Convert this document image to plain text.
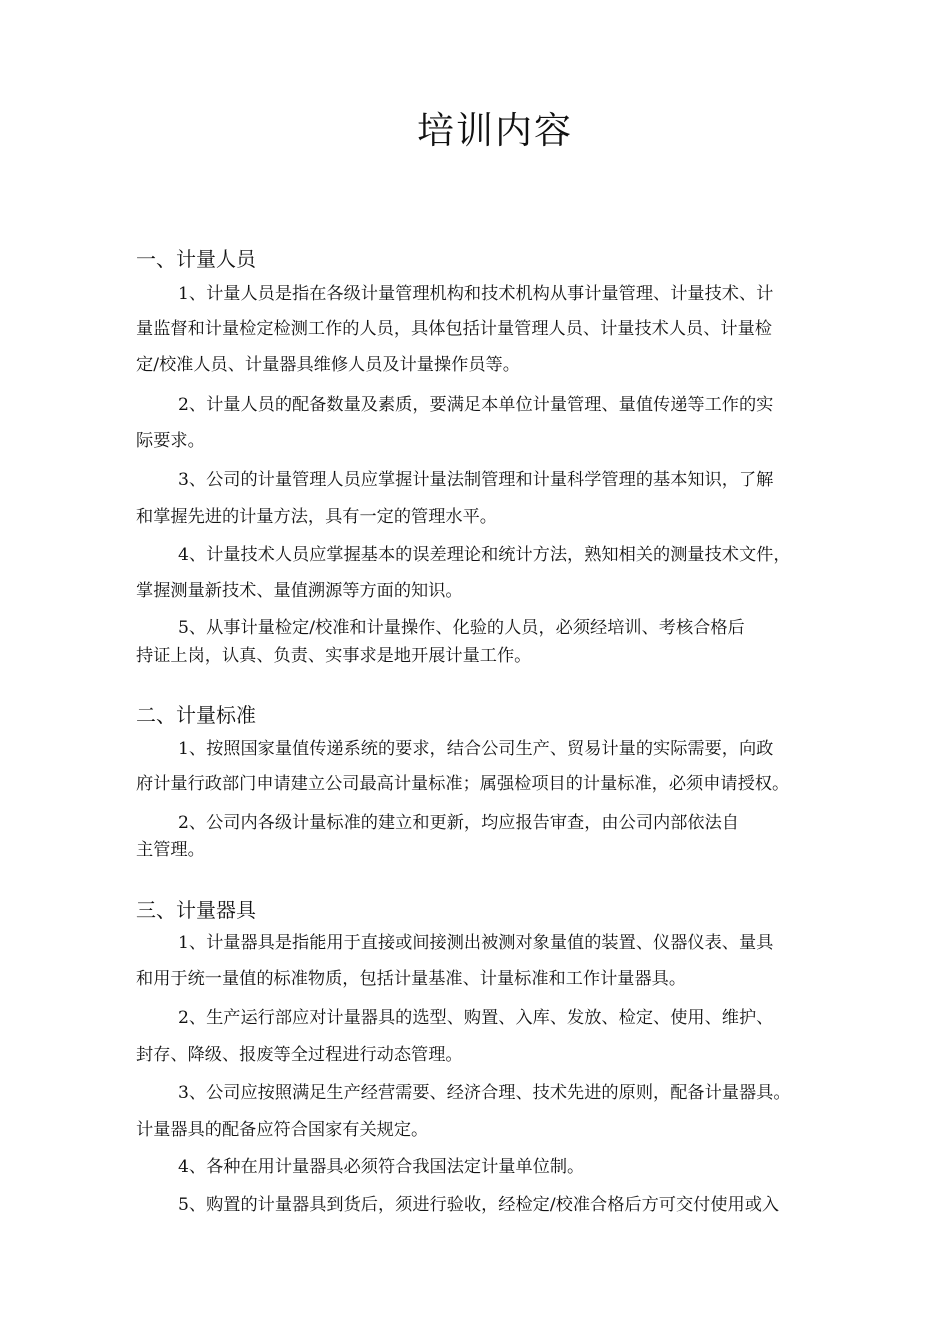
培训内容
一、计量人员

1、计量人员是指在各级计量管理机构和技术机构从事计量管理、计量技术、计

量监督和计量检定检测工作的人员，具体包括计量管理人员、计量技术人员、计量检

定/校准人员、计量器具维修人员及计量操作员等。

2、计量人员的配备数量及素质，要满足本单位计量管理、量值传递等工作的实

际要求。

3、公司的计量管理人员应掌握计量法制管理和计量科学管理的基本知识，了解

和掌握先进的计量方法，具有一定的管理水平。

4、计量技术人员应掌握基本的误差理论和统计方法，熟知相关的测量技术文件，

掌握测量新技术、量值溯源等方面的知识。

5、从事计量检定/校准和计量操作、化验的人员，必须经培训、考核合格后

持证上岗，认真、负责、实事求是地开展计量工作。

二、计量标准

1、按照国家量值传递系统的要求，结合公司生产、贸易计量的实际需要，向政

府计量行政部门申请建立公司最高计量标准；属强检项目的计量标准，必须申请授权。

2、公司内各级计量标准的建立和更新，均应报告审查，由公司内部依法自

主管理。

三、计量器具

1、计量器具是指能用于直接或间接测出被测对象量值的装置、仪器仪表、量具

和用于统一量值的标准物质，包括计量基准、计量标准和工作计量器具。

2、生产运行部应对计量器具的选型、购置、入库、发放、检定、使用、维护、

封存、降级、报废等全过程进行动态管理。

3、公司应按照满足生产经营需要、经济合理、技术先进的原则，配备计量器具。

计量器具的配备应符合国家有关规定。

4、各种在用计量器具必须符合我国法定计量单位制。

5、购置的计量器具到货后，须进行验收，经检定/校准合格后方可交付使用或入
